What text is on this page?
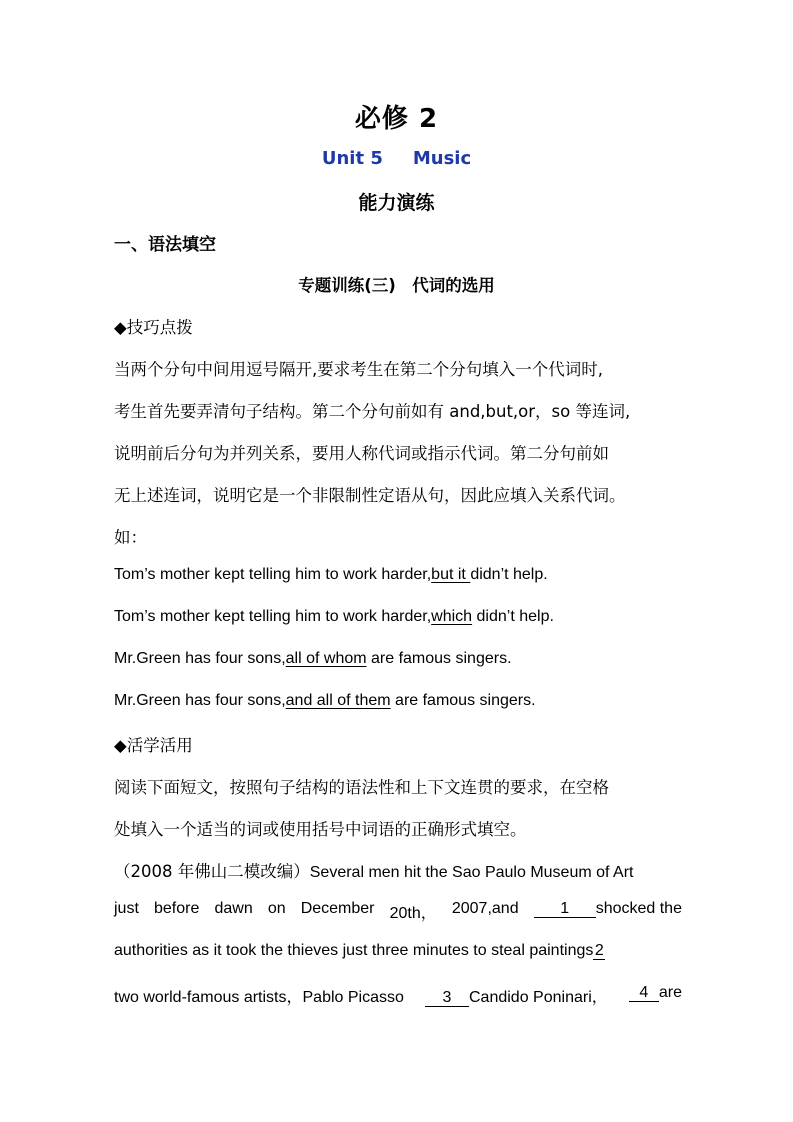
必修 2
Unit 5 Music
能力演练
一、语法填空
专题训练(三)　代词的选用
◆技巧点拨
当两个分句中间用逗号隔开,要求考生在第二个分句填入一个代词时,
考生首先要弄清句子结构。第二个分句前如有 and,but,or，so 等连词,
说明前后分句为并列关系，要用人称代词或指示代词。第二分句前如
无上述连词，说明它是一个非限制性定语从句，因此应填入关系代词。
如：
Tom’s mother kept telling him to work harder,but it didn’t help.
Tom’s mother kept telling him to work harder,which didn’t help.
Mr.Green has four sons,all of whom are famous singers.
Mr.Green has four sons,and all of them are famous singers.
◆活学活用
阅读下面短文，按照句子结构的语法性和上下文连贯的要求，在空格
处填入一个适当的词或使用括号中词语的正确形式填空。
（2008 年佛山二模改编）Several men hit the Sao Paulo Museum of Art
just before dawn on December 20th， 2007,and	1 shocked the
authorities as it took the thieves just three minutes to steal paintings2
two world-famous artists，Pablo Picasso	3 Candido Poninari，	4 are
